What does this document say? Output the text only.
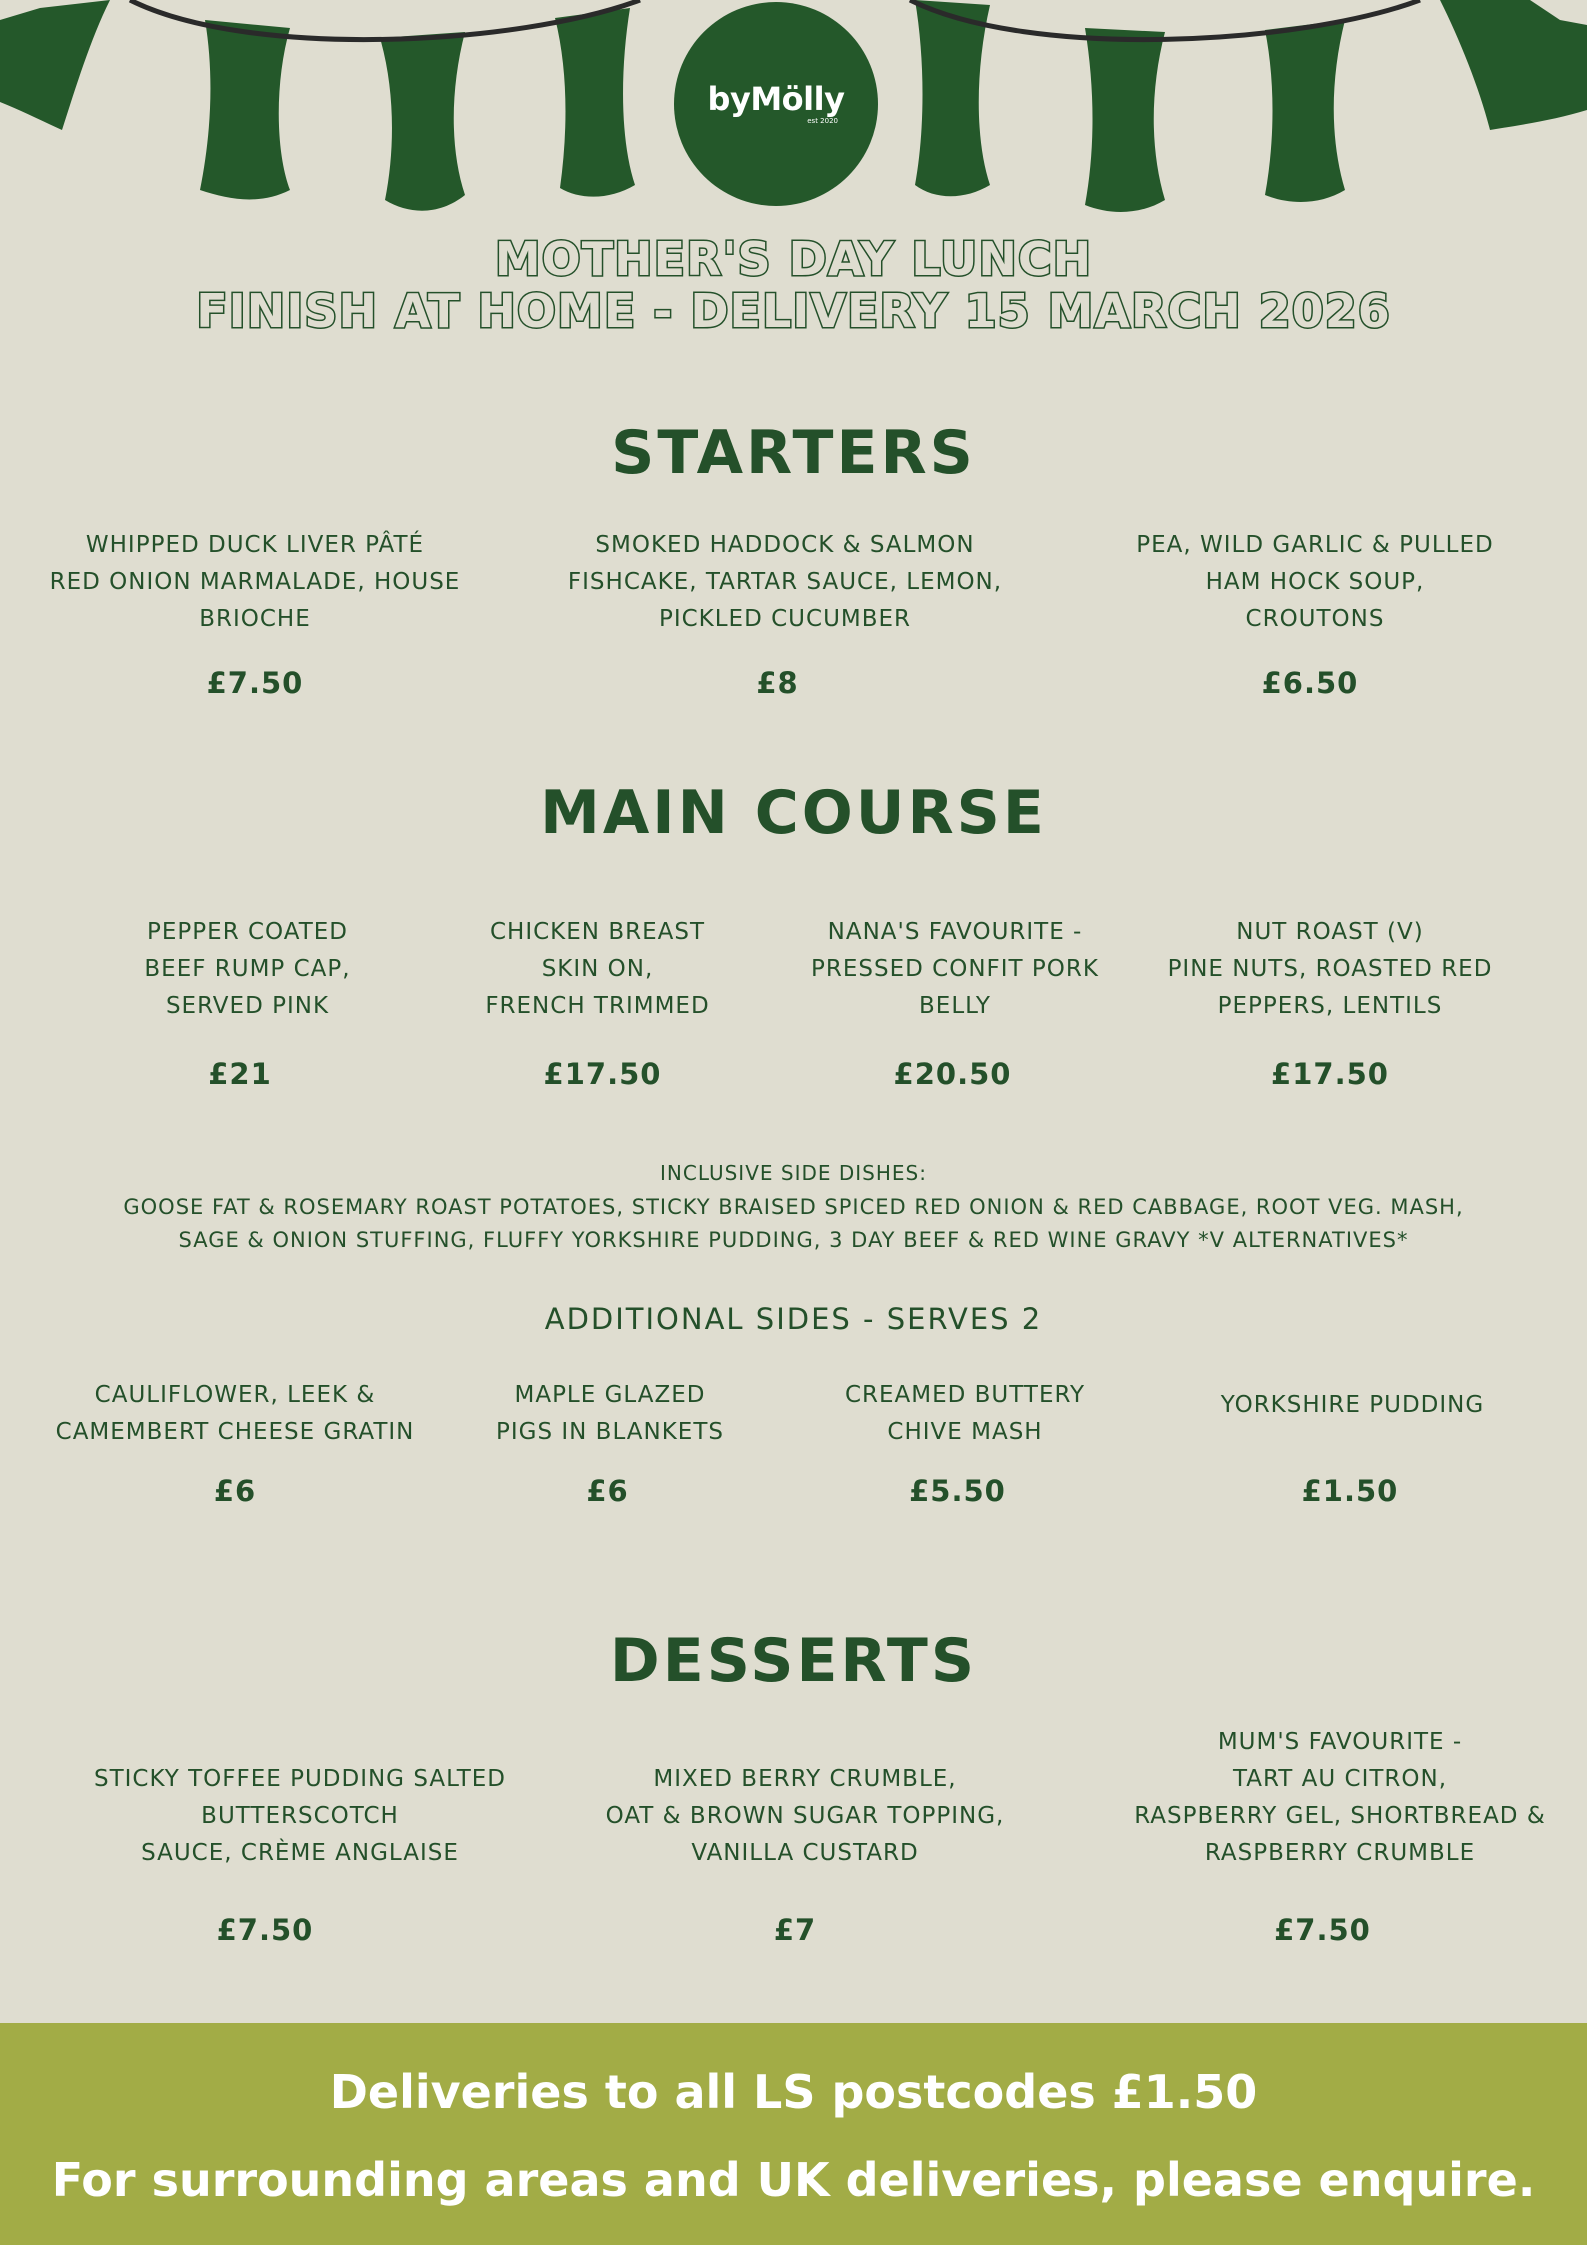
byMölly
est 2020
MOTHER'S DAY LUNCH
FINISH AT HOME - DELIVERY 15 MARCH 2026
STARTERS
WHIPPED DUCK LIVER PÂTÉ
RED ONION MARMALADE, HOUSE
BRIOCHE
£7.50
SMOKED HADDOCK & SALMON
FISHCAKE, TARTAR SAUCE, LEMON,
PICKLED CUCUMBER
£8
PEA, WILD GARLIC & PULLED
HAM HOCK SOUP,
CROUTONS
£6.50
MAIN COURSE
PEPPER COATED
BEEF RUMP CAP,
SERVED PINK
£21
CHICKEN BREAST
SKIN ON,
FRENCH TRIMMED
£17.50
NANA'S FAVOURITE -
PRESSED CONFIT PORK
BELLY
£20.50
NUT ROAST (V)
PINE NUTS, ROASTED RED
PEPPERS, LENTILS
£17.50
INCLUSIVE SIDE DISHES:
GOOSE FAT & ROSEMARY ROAST POTATOES, STICKY BRAISED SPICED RED ONION & RED CABBAGE, ROOT VEG. MASH,
SAGE & ONION STUFFING, FLUFFY YORKSHIRE PUDDING, 3 DAY BEEF & RED WINE GRAVY *V ALTERNATIVES*
ADDITIONAL SIDES - SERVES 2
CAULIFLOWER, LEEK &
CAMEMBERT CHEESE GRATIN
£6
MAPLE GLAZED
PIGS IN BLANKETS
£6
CREAMED BUTTERY
CHIVE MASH
£5.50
YORKSHIRE PUDDING
£1.50
DESSERTS
STICKY TOFFEE PUDDING SALTED
BUTTERSCOTCH
SAUCE, CRÈME ANGLAISE
£7.50
MIXED BERRY CRUMBLE,
OAT & BROWN SUGAR TOPPING,
VANILLA CUSTARD
£7
MUM'S FAVOURITE -
TART AU CITRON,
RASPBERRY GEL, SHORTBREAD &
RASPBERRY CRUMBLE
£7.50
Deliveries to all LS postcodes £1.50
For surrounding areas and UK deliveries, please enquire.
